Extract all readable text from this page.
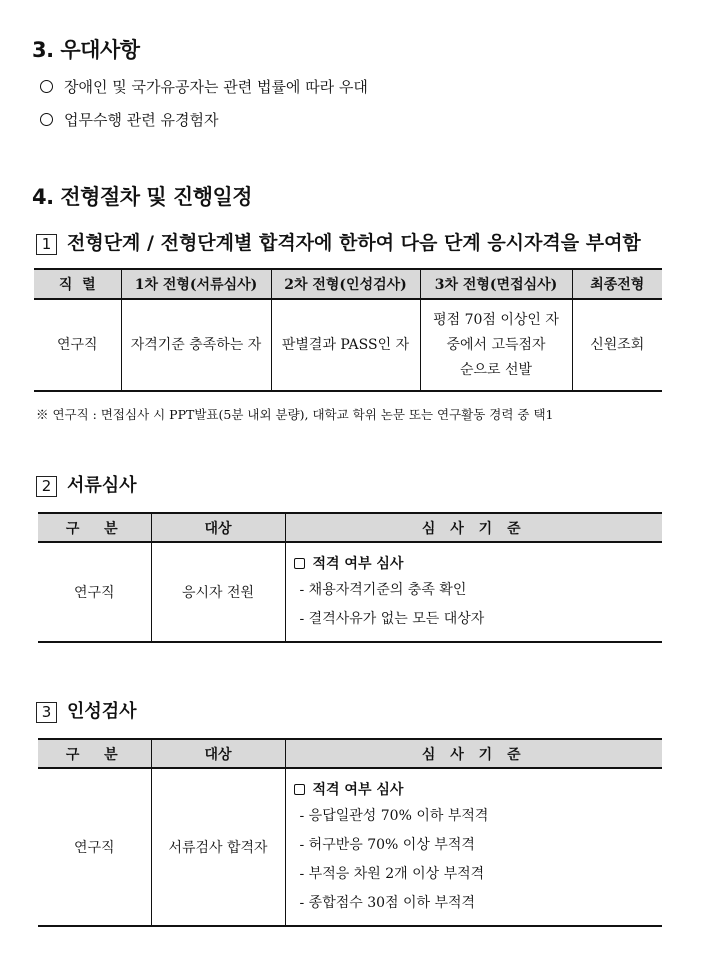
3. 우대사항
장애인 및 국가유공자는 관련 법률에 따라 우대
업무수행 관련 유경험자
4. 전형절차 및 진행일정
1 전형단계 / 전형단계별 합격자에 한하여 다음 단계 응시자격을 부여함
직  렬	1차 전형(서류심사)	2차 전형(인성검사)	3차 전형(면접심사)	최종전형
연구직	자격기준 충족하는 자	판별결과 PASS인 자	평점 70점 이상인 자
중에서 고득점자
순으로 선발	신원조회
※ 연구직 : 면접심사 시 PPT발표(5분 내외 분량), 대학교 학위 논문 또는 연구활동 경력 중 택1
2 서류심사
구  분	대상	심 사 기 준
연구직	응시자 전원	적격 여부 심사
- 채용자격기준의 충족 확인
- 결격사유가 없는 모든 대상자
3 인성검사
구  분	대상	심 사 기 준
연구직	서류검사 합격자	적격 여부 심사
- 응답일관성 70% 이하 부적격
- 허구반응 70% 이상 부적격
- 부적응 차원 2개 이상 부적격
- 종합점수 30점 이하 부적격
